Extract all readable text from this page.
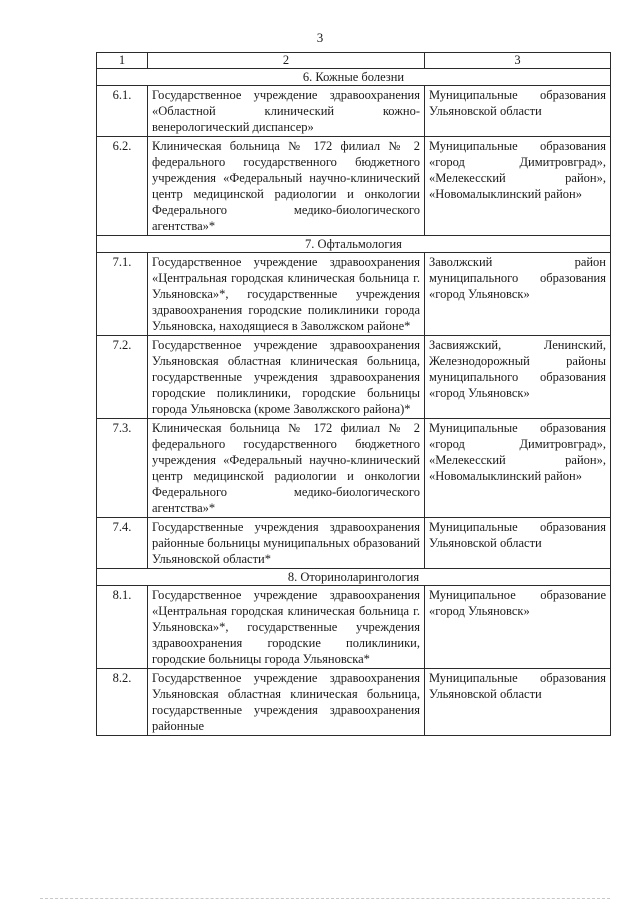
3
1	2	3
6. Кожные болезни		
6.1.	Государственное учреждение здравоохранения «Областной клинический кожно-венерологический диспансер»	Муниципальные образования Ульяновской области
6.2.	Клиническая больница № 172 филиал № 2 федерального государственного бюджетного учреждения «Федеральный научно-клинический центр медицинской радиологии и онкологии Федерального медико-биологического агентства»*	Муниципальные образования «город Димитровград», «Мелекесский район», «Новомалыклинский район»
7. Офтальмология		
7.1.	Государственное учреждение здравоохранения «Центральная городская клиническая больница г. Ульяновска»*, государственные учреждения здравоохранения городские поликлиники города Ульяновска, находящиеся в Заволжском районе*	Заволжский район муниципального образования «город Ульяновск»
7.2.	Государственное учреждение здравоохранения Ульяновская областная клиническая больница, государственные учреждения здравоохранения городские поликлиники, городские больницы города Ульяновска (кроме Заволжского района)*	Засвияжский, Ленинский, Железнодорожный районы муниципального образования «город Ульяновск»
7.3.	Клиническая больница № 172 филиал № 2 федерального государственного бюджетного учреждения «Федеральный научно-клинический центр медицинской радиологии и онкологии Федерального медико-биологического агентства»*	Муниципальные образования «город Димитровград», «Мелекесский район», «Новомалыклинский район»
7.4.	Государственные учреждения здравоохранения районные больницы муниципальных образований Ульяновской области*	Муниципальные образования Ульяновской области
8. Оториноларингология		
8.1.	Государственное учреждение здравоохранения «Центральная городская клиническая больница г. Ульяновска»*, государственные учреждения здравоохранения городские поликлиники, городские больницы города Ульяновска*	Муниципальное образование «город Ульяновск»
8.2.	Государственное учреждение здравоохранения Ульяновская областная клиническая больница, государственные учреждения здравоохранения районные	Муниципальные образования Ульяновской области
